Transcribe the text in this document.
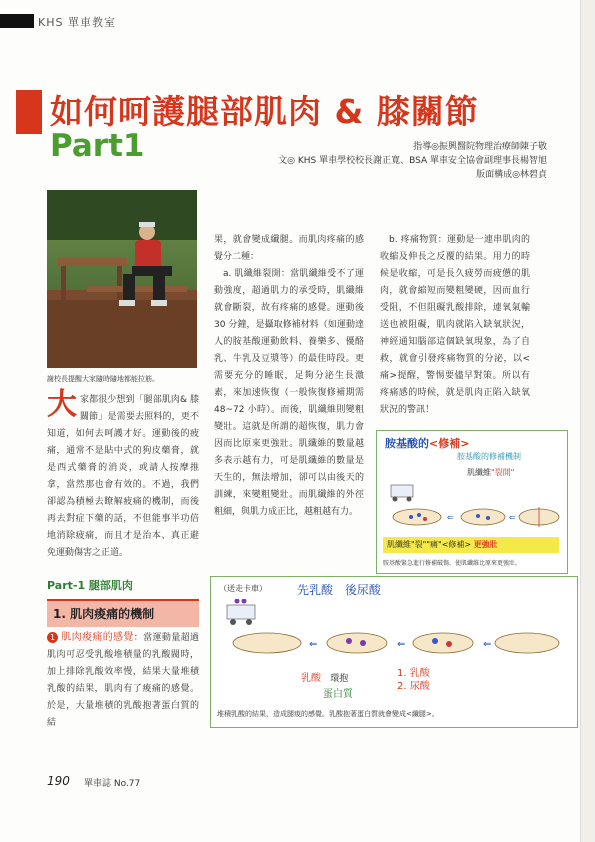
KHS 單車教室
如何呵護腿部肌肉 & 膝關節
Part1	指導◎振興醫院物理治療師陳子敬
文◎ KHS 單車學校校長謝正寬、BSA 單車安全協會副理事長楊智旭
版面構成◎林碧貞
謝校長提醒大家隨時隨地都能拉筋。
大家都很少想到「腿部肌肉& 膝關節」是需要去照料的，更不知道，如何去呵護才好。運動後的疲痛，通常不是貼中式的狗皮藥膏，就是西式藥膏的消炎，或請人按摩推拿，當然那也會有效的。不過，我們卻認為積極去瞭解疲痛的機制，而後再去對症下藥的話，不但能事半功倍地消除疲痛，而且才是治本、真正避免運動傷害之正道。
Part-1 腿部肌肉
1. 肌肉痠痛的機制
1 肌肉痠痛的感覺：當運動量超過肌肉可忍受乳酸堆積量的乳酸閥時，加上排除乳酸效率慢，結果大量堆積乳酸的結果，肌肉有了痠痛的感覺。於是，大量堆積的乳酸抱著蛋白質的結
果，就會變成纖腿。而肌肉疼痛的感覺分二種：
a. 肌纖維裂開：當肌纖維受不了運動強度，超過肌力的承受時，肌纖維就會斷裂，故有疼痛的感覺。運動後 30 分鐘，是攝取修補材料（如運動達人的胺基酸運動飲料、養樂多、優酪乳、牛乳及豆漿等）的最佳時段。更需要充分的睡眠，足夠分泌生長激素，來加速恢復（一般恢復修補期需 48~72 小時）。而後，肌纖維則變粗變壯。這就是所謂的超恢復，肌力會因而比原來更強壯。肌纖維的數量越多表示越有力，可是肌纖維的數量是天生的，無法增加，卻可以由後天的訓練，來變粗變壯。而肌纖維的外徑粗細，與肌力成正比，越粗越有力。
b. 疼痛物質：運動是一連串肌肉的收縮及伸長之反覆的結果。用力的時候是收縮，可是長久疲勞而疲憊的肌肉，就會縮短而變粗變硬，因而血行受阻，不但阻礙乳酸排除，連氧氣輸送也被阻礙，肌肉就陷入缺氧狀況，神經通知腦部這個缺氧現象，為了自救，就會引發疼痛物質的分泌，以<痛>提醒，警惕要儘早對策。所以有疼痛感的時候，就是肌肉正陷入缺氧狀況的警訊！
胺基酸的<修補>
胺基酸的修補機制
肌纖維"裂開"
⇐	⇐
肌纖維"裂""痛"<修補> 更強壯
胺基酸緊急進行修補破傷，使肌纖維比原來更強壯。
（送走卡車）	先乳酸 後尿酸
⇐	⇐	⇐
乳酸 環抱
蛋白質
1. 乳酸
2. 尿酸
堆積乳酸的結果，造成腿痠的感覺。乳酸抱著蛋白質就會變成<纖腿>。
190 單車誌 No.77
